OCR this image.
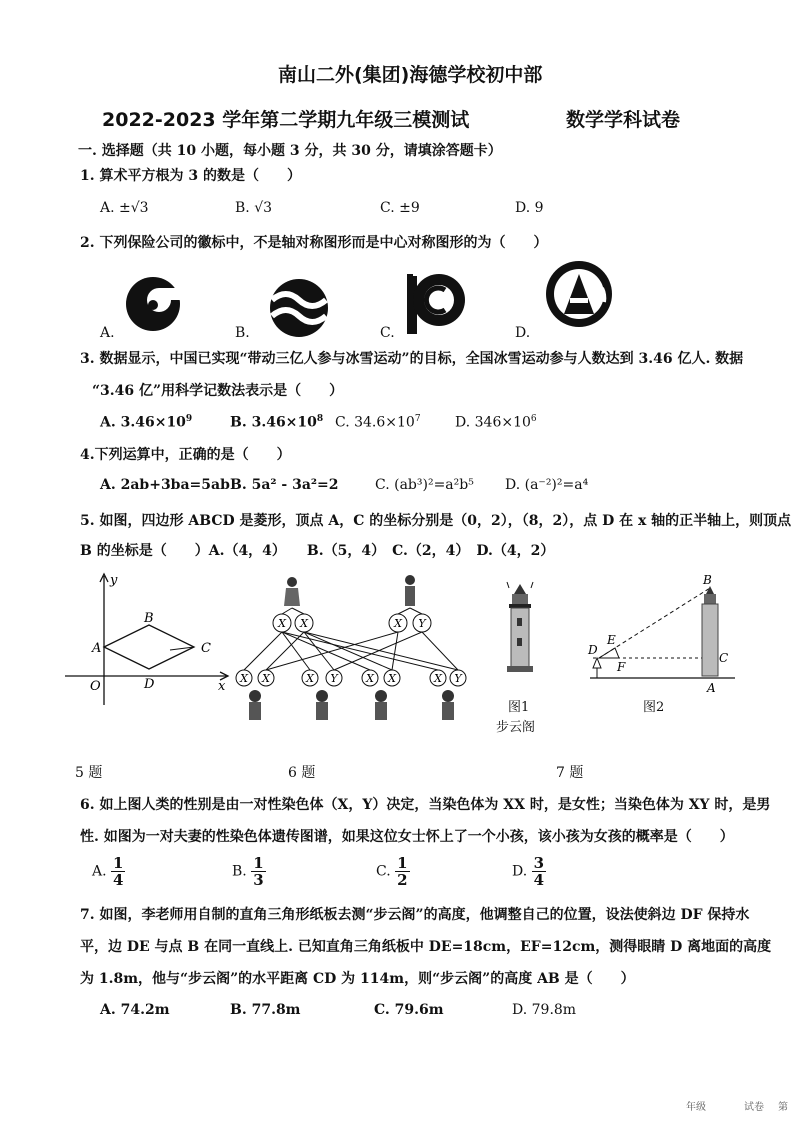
南山二外(集团)海德学校初中部
2022-2023 学年第二学期九年级三模测试	数学学科试卷
一. 选择题（共 10 小题，每小题 3 分，共 30 分，请填涂答题卡）
1. 算术平方根为 3 的数是（　　）
A. ±√3	B. √3	C. ±9	D. 9
2. 下列保险公司的徽标中，不是轴对称图形而是中心对称图形的为（　　）
A.	B.	C.	D.
3. 数据显示，中国已实现“带动三亿人参与冰雪运动”的目标，全国冰雪运动参与人数达到 3.46 亿人. 数据
“3.46 亿”用科学记数法表示是（　　）
A. $3.46\times 10^9$	B. $3.46\times 10^8$ C. $34.6\times 10^7$ D. $346\times 10^6$
4.下列运算中，正确的是（　　）
A. 2ab+3ba=5ab B. 5a² - 3a²=2	C. (ab³)²=a²b⁵ D. (a⁻²)²=a⁴
5. 如图，四边形 ABCD 是菱形，顶点 A，C 的坐标分别是（0，2），（8，2），点 D 在 x 轴的正半轴上，则顶点
B 的坐标是（　　）A.（4，4）　　B.（5，4）　C.（2，4）　D.（4，2）
y
x
O
A
B
C
D
X X	X Y
X X	X Y	X X	X Y
图1
步云阁
B
E
D
F
C
A
图2
5 题	6 题	7 题
6. 如上图人类的性别是由一对性染色体（X，Y）决定，当染色体为 XX 时，是女性；当染色体为 XY 时，是男
性. 如图为一对夫妻的性染色体遗传图谱，如果这位女士怀上了一个小孩，该小孩为女孩的概率是（　　）
A. $\frac{1}{4}$	B. $\frac{1}{3}$	C. $\frac{1}{2}$	D. $\frac{3}{4}$
7. 如图，李老师用自制的直角三角形纸板去测“步云阁”的高度，他调整自己的位置，设法使斜边 DF 保持水
平，边 DE 与点 B 在同一直线上. 已知直角三角纸板中 DE=18cm，EF=12cm，测得眼睛 D 离地面的高度
为 1.8m，他与“步云阁”的水平距离 CD 为 114m，则“步云阁”的高度 AB 是（　　）
A. 74.2m	B. 77.8m	C. 79.6m	D. 79.8m
年级	试卷 第
